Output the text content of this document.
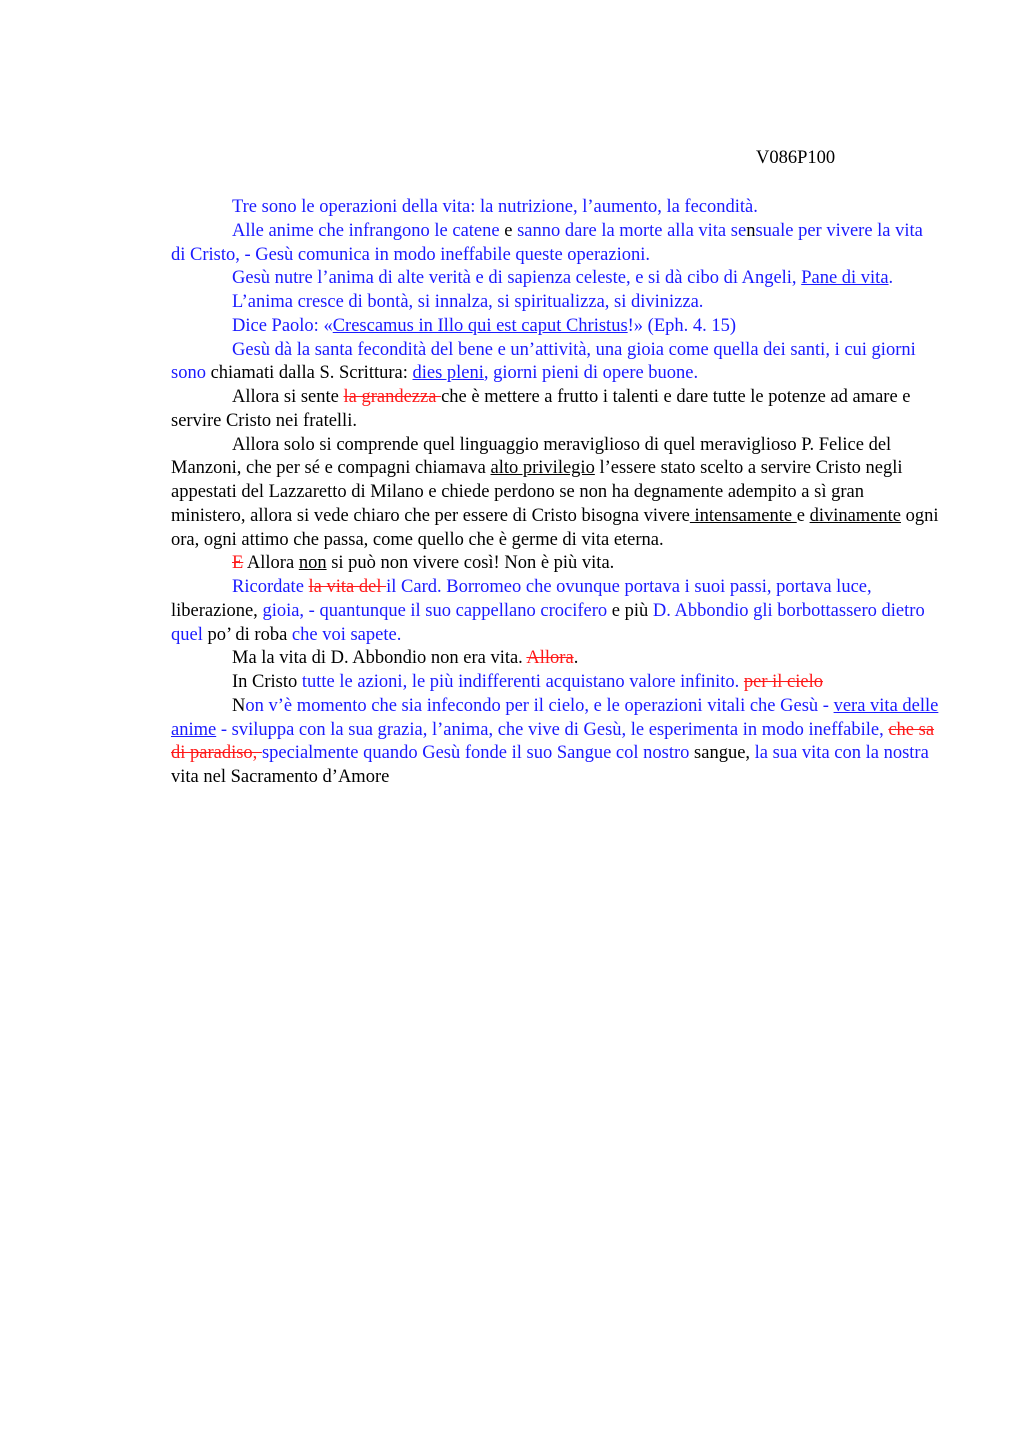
V086P100

Tre sono le operazioni della vita: la nutrizione, l’aumento, la fecondità.

Alle anime che infrangono le catene e sanno dare la morte alla vita sensuale per vivere la vita di Cristo, - Gesù comunica in modo ineffabile queste operazioni.

Gesù nutre l’anima di alte verità e di sapienza celeste, e si dà cibo di Angeli, Pane di vita.

L’anima cresce di bontà, si innalza, si spiritualizza, si divinizza.

Dice Paolo: «Crescamus in Illo qui est caput Christus!» (Eph. 4. 15)

Gesù dà la santa fecondità del bene e un’attività, una gioia come quella dei santi, i cui giorni sono chiamati dalla S. Scrittura: dies pleni, giorni pieni di opere buone.

Allora si sente la grandezza che è mettere a frutto i talenti e dare tutte le potenze ad amare e servire Cristo nei fratelli.

Allora solo si comprende quel linguaggio meraviglioso di quel meraviglioso P. Felice del Manzoni, che per sé e compagni chiamava alto privilegio l’essere stato scelto a servire Cristo negli appestati del Lazzaretto di Milano e chiede perdono se non ha degnamente adempito a sì gran ministero, allora si vede chiaro che per essere di Cristo bisogna vivere intensamente e divinamente ogni ora, ogni attimo che passa, come quello che è germe di vita eterna.

E Allora non si può non vivere così! Non è più vita.

Ricordate la vita del il Card. Borromeo che ovunque portava i suoi passi, portava luce, liberazione, gioia, - quantunque il suo cappellano crocifero e più D. Abbondio gli borbottassero dietro quel po’ di roba che voi sapete.

Ma la vita di D. Abbondio non era vita. Allora.

In Cristo tutte le azioni, le più indifferenti acquistano valore infinito. per il cielo

Non v’è momento che sia infecondo per il cielo, e le operazioni vitali che Gesù - vera vita delle anime - sviluppa con la sua grazia, l’anima, che vive di Gesù, le esperimenta in modo ineffabile, che sa di paradiso, specialmente quando Gesù fonde il suo Sangue col nostro sangue, la sua vita con la nostra vita nel Sacramento d’Amore
